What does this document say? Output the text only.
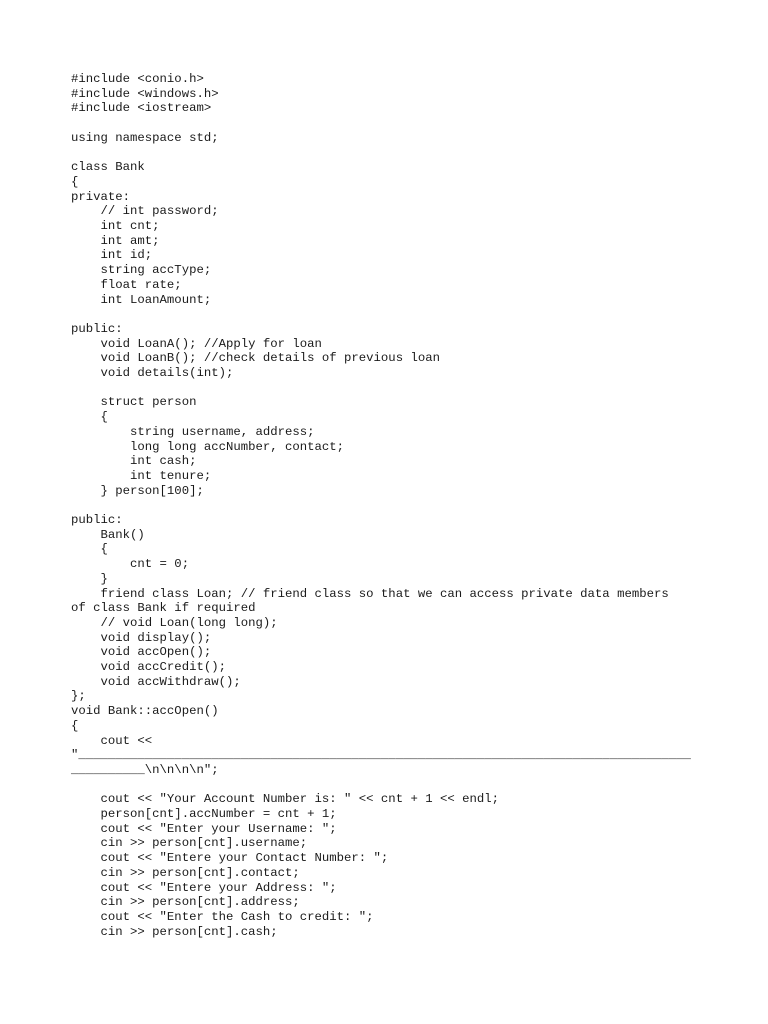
#include <conio.h>
#include <windows.h>
#include <iostream>
using namespace std;
class Bank
{
private:
// int password;
int cnt;
int amt;
int id;
string accType;
float rate;
int LoanAmount;
public:
void LoanA(); //Apply for loan
void LoanB(); //check details of previous loan
void details(int);
struct person
{
string username, address;
long long accNumber, contact;
int cash;
int tenure;
} person[100];
public:
Bank()
{
cnt = 0;
}
friend class Loan; // friend class so that we can access private data members
of class Bank if required
// void Loan(long long);
void display();
void accOpen();
void accCredit();
void accWithdraw();
};
void Bank::accOpen()
{
cout <<
"___________________________________________________________________________________
__________\n\n\n\n";
cout << "Your Account Number is: " << cnt + 1 << endl;
person[cnt].accNumber = cnt + 1;
cout << "Enter your Username: ";
cin >> person[cnt].username;
cout << "Entere your Contact Number: ";
cin >> person[cnt].contact;
cout << "Entere your Address: ";
cin >> person[cnt].address;
cout << "Enter the Cash to credit: ";
cin >> person[cnt].cash;
